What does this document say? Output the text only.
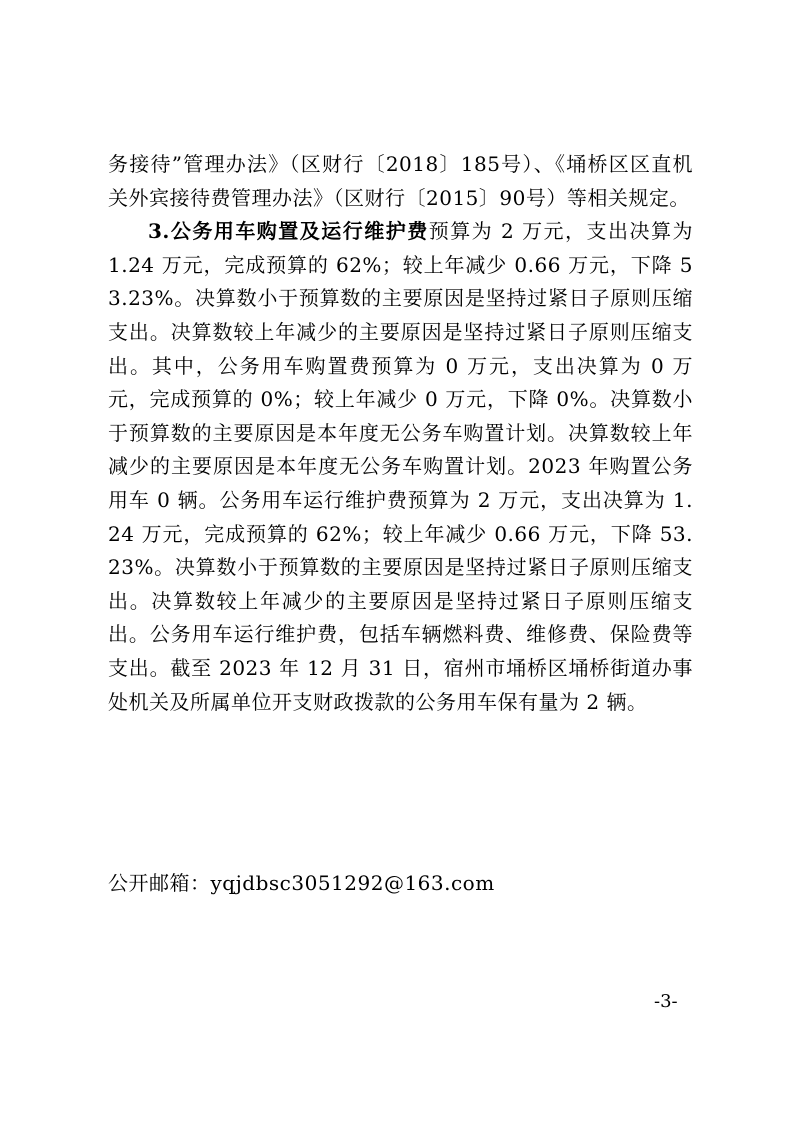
务接待”管理办法》（区财行〔2018〕185号）、《埇桥区区直机关外宾接待费管理办法》（区财行〔2015〕90号）等相关规定。

3.公务用车购置及运行维护费预算为 2 万元，支出决算为 1.24 万元，完成预算的 62%；较上年减少 0.66 万元，下降 53.23%。决算数小于预算数的主要原因是坚持过紧日子原则压缩支出。决算数较上年减少的主要原因是坚持过紧日子原则压缩支出。其中，公务用车购置费预算为 0 万元，支出决算为 0 万元，完成预算的 0%；较上年减少 0 万元，下降 0%。决算数小于预算数的主要原因是本年度无公务车购置计划。决算数较上年减少的主要原因是本年度无公务车购置计划。2023 年购置公务用车 0 辆。公务用车运行维护费预算为 2 万元，支出决算为 1.24 万元，完成预算的 62%；较上年减少 0.66 万元，下降 53.23%。决算数小于预算数的主要原因是坚持过紧日子原则压缩支出。决算数较上年减少的主要原因是坚持过紧日子原则压缩支出。公务用车运行维护费，包括车辆燃料费、维修费、保险费等支出。截至 2023 年 12 月 31 日，宿州市埇桥区埇桥街道办事处机关及所属单位开支财政拨款的公务用车保有量为 2 辆。

公开邮箱：yqjdbsc3051292@163.com
-3-
